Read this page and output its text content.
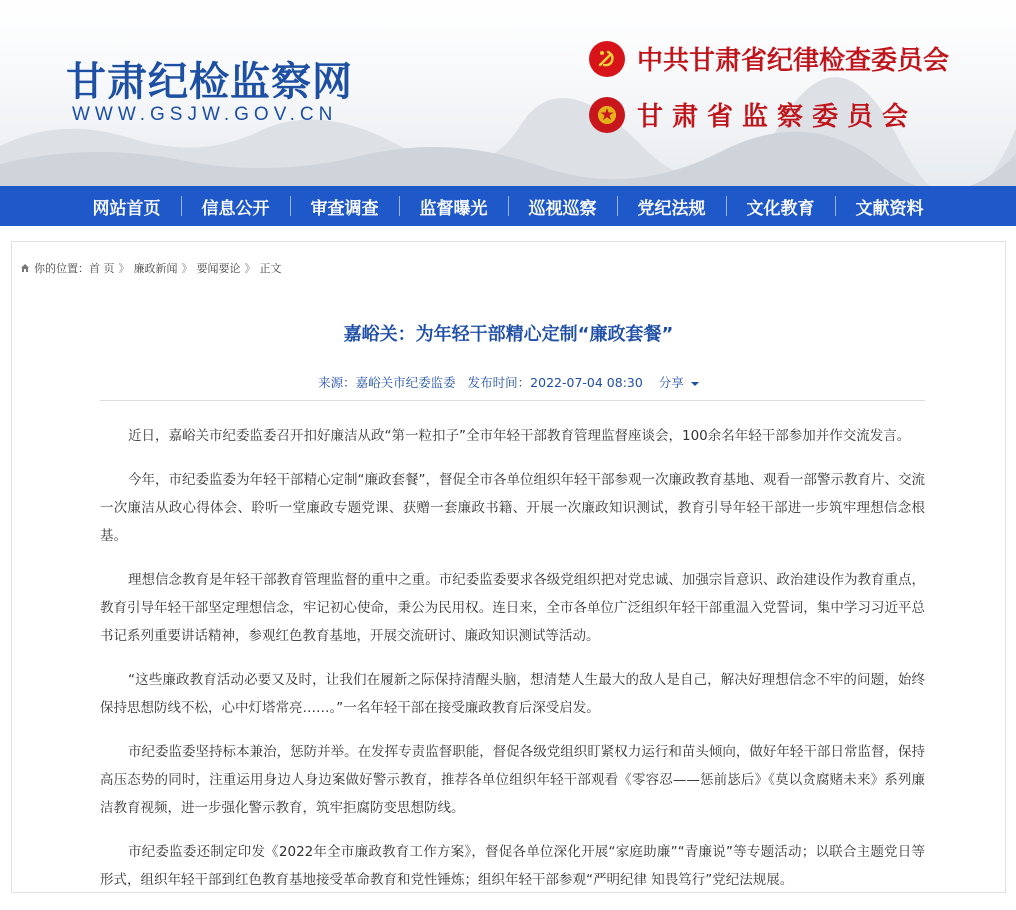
甘肃纪检监察网
WWW.GSJW.GOV.CN
中共甘肃省纪律检查委员会
甘肃省监察委员会
网站首页	信息公开	审查调查	监督曝光	巡视巡察	党纪法规	文化教育	文献资料
你的位置： 首 页 》 廉政新闻 》 要闻要论 》 正文
嘉峪关：为年轻干部精心定制“廉政套餐”
来源：嘉峪关市纪委监委 发布时间：2022-07-04 08:30 分享

近日，嘉峪关市纪委监委召开扣好廉洁从政“第一粒扣子”全市年轻干部教育管理监督座谈会，100余名年轻干部参加并作交流发言。

今年，市纪委监委为年轻干部精心定制“廉政套餐”，督促全市各单位组织年轻干部参观一次廉政教育基地、观看一部警示教育片、交流一次廉洁从政心得体会、聆听一堂廉政专题党课、获赠一套廉政书籍、开展一次廉政知识测试，教育引导年轻干部进一步筑牢理想信念根基。

理想信念教育是年轻干部教育管理监督的重中之重。市纪委监委要求各级党组织把对党忠诚、加强宗旨意识、政治建设作为教育重点，教育引导年轻干部坚定理想信念，牢记初心使命，秉公为民用权。连日来，全市各单位广泛组织年轻干部重温入党誓词，集中学习习近平总书记系列重要讲话精神，参观红色教育基地，开展交流研讨、廉政知识测试等活动。

“这些廉政教育活动必要又及时，让我们在履新之际保持清醒头脑，想清楚人生最大的敌人是自己，解决好理想信念不牢的问题，始终保持思想防线不松，心中灯塔常亮……。”一名年轻干部在接受廉政教育后深受启发。

市纪委监委坚持标本兼治，惩防并举。在发挥专责监督职能，督促各级党组织盯紧权力运行和苗头倾向，做好年轻干部日常监督，保持高压态势的同时，注重运用身边人身边案做好警示教育，推荐各单位组织年轻干部观看《零容忍——惩前毖后》《莫以贪腐赌未来》系列廉洁教育视频，进一步强化警示教育，筑牢拒腐防变思想防线。

市纪委监委还制定印发《2022年全市廉政教育工作方案》，督促各单位深化开展“家庭助廉”“青廉说”等专题活动；以联合主题党日等形式，组织年轻干部到红色教育基地接受革命教育和党性锤炼；组织年轻干部参观“严明纪律 知畏笃行”党纪法规展。
